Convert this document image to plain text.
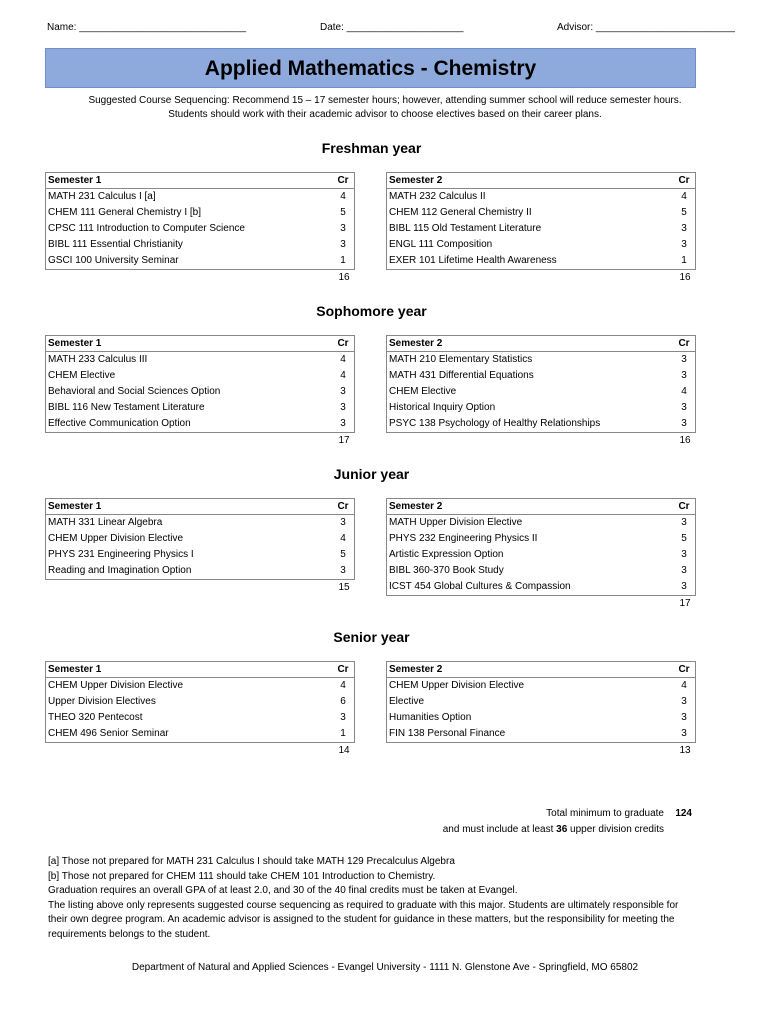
Name: ______________________________	Date: _____________________	Advisor: _________________________
Applied Mathematics - Chemistry
Suggested Course Sequencing: Recommend 15 – 17 semester hours; however, attending summer school will reduce semester hours.
Students should work with their academic advisor to choose electives based on their career plans.
Freshman year
Semester 1	Cr
MATH 231 Calculus I [a]	4
CHEM 111 General Chemistry I [b]	5
CPSC 111 Introduction to Computer Science	3
BIBL 111 Essential Christianity	3
GSCI 100 University Seminar	1
16
Semester 2	Cr
MATH 232 Calculus II	4
CHEM 112 General Chemistry II	5
BIBL 115 Old Testament Literature	3
ENGL 111 Composition	3
EXER 101 Lifetime Health Awareness	1
16
Sophomore year
Semester 1	Cr
MATH 233 Calculus III	4
CHEM Elective	4
Behavioral and Social Sciences Option	3
BIBL 116 New Testament Literature	3
Effective Communication Option	3
17
Semester 2	Cr
MATH 210 Elementary Statistics	3
MATH 431 Differential Equations	3
CHEM Elective	4
Historical Inquiry Option	3
PSYC 138 Psychology of Healthy Relationships	3
16
Junior year
Semester 1	Cr
MATH 331 Linear Algebra	3
CHEM Upper Division Elective	4
PHYS 231 Engineering Physics I	5
Reading and Imagination Option	3
15
Semester 2	Cr
MATH Upper Division Elective	3
PHYS 232 Engineering Physics II	5
Artistic Expression Option	3
BIBL 360-370 Book Study	3
ICST 454 Global Cultures & Compassion	3
17
Senior year
Semester 1	Cr
CHEM Upper Division Elective	4
Upper Division Electives	6
THEO 320 Pentecost	3
CHEM 496 Senior Seminar	1
14
Semester 2	Cr
CHEM Upper Division Elective	4
Elective	3
Humanities Option	3
FIN 138 Personal Finance	3
13
Total minimum to graduate 124
and must include at least 36 upper division credits
[a] Those not prepared for MATH 231 Calculus I should take MATH 129 Precalculus Algebra
[b] Those not prepared for CHEM 111 should take CHEM 101 Introduction to Chemistry.
Graduation requires an overall GPA of at least 2.0, and 30 of the 40 final credits must be taken at Evangel.
The listing above only represents suggested course sequencing as required to graduate with this major. Students are ultimately responsible for their own degree program. An academic advisor is assigned to the student for guidance in these matters, but the responsibility for meeting the requirements belongs to the student.
Department of Natural and Applied Sciences - Evangel University - 1111 N. Glenstone Ave - Springfield, MO 65802
